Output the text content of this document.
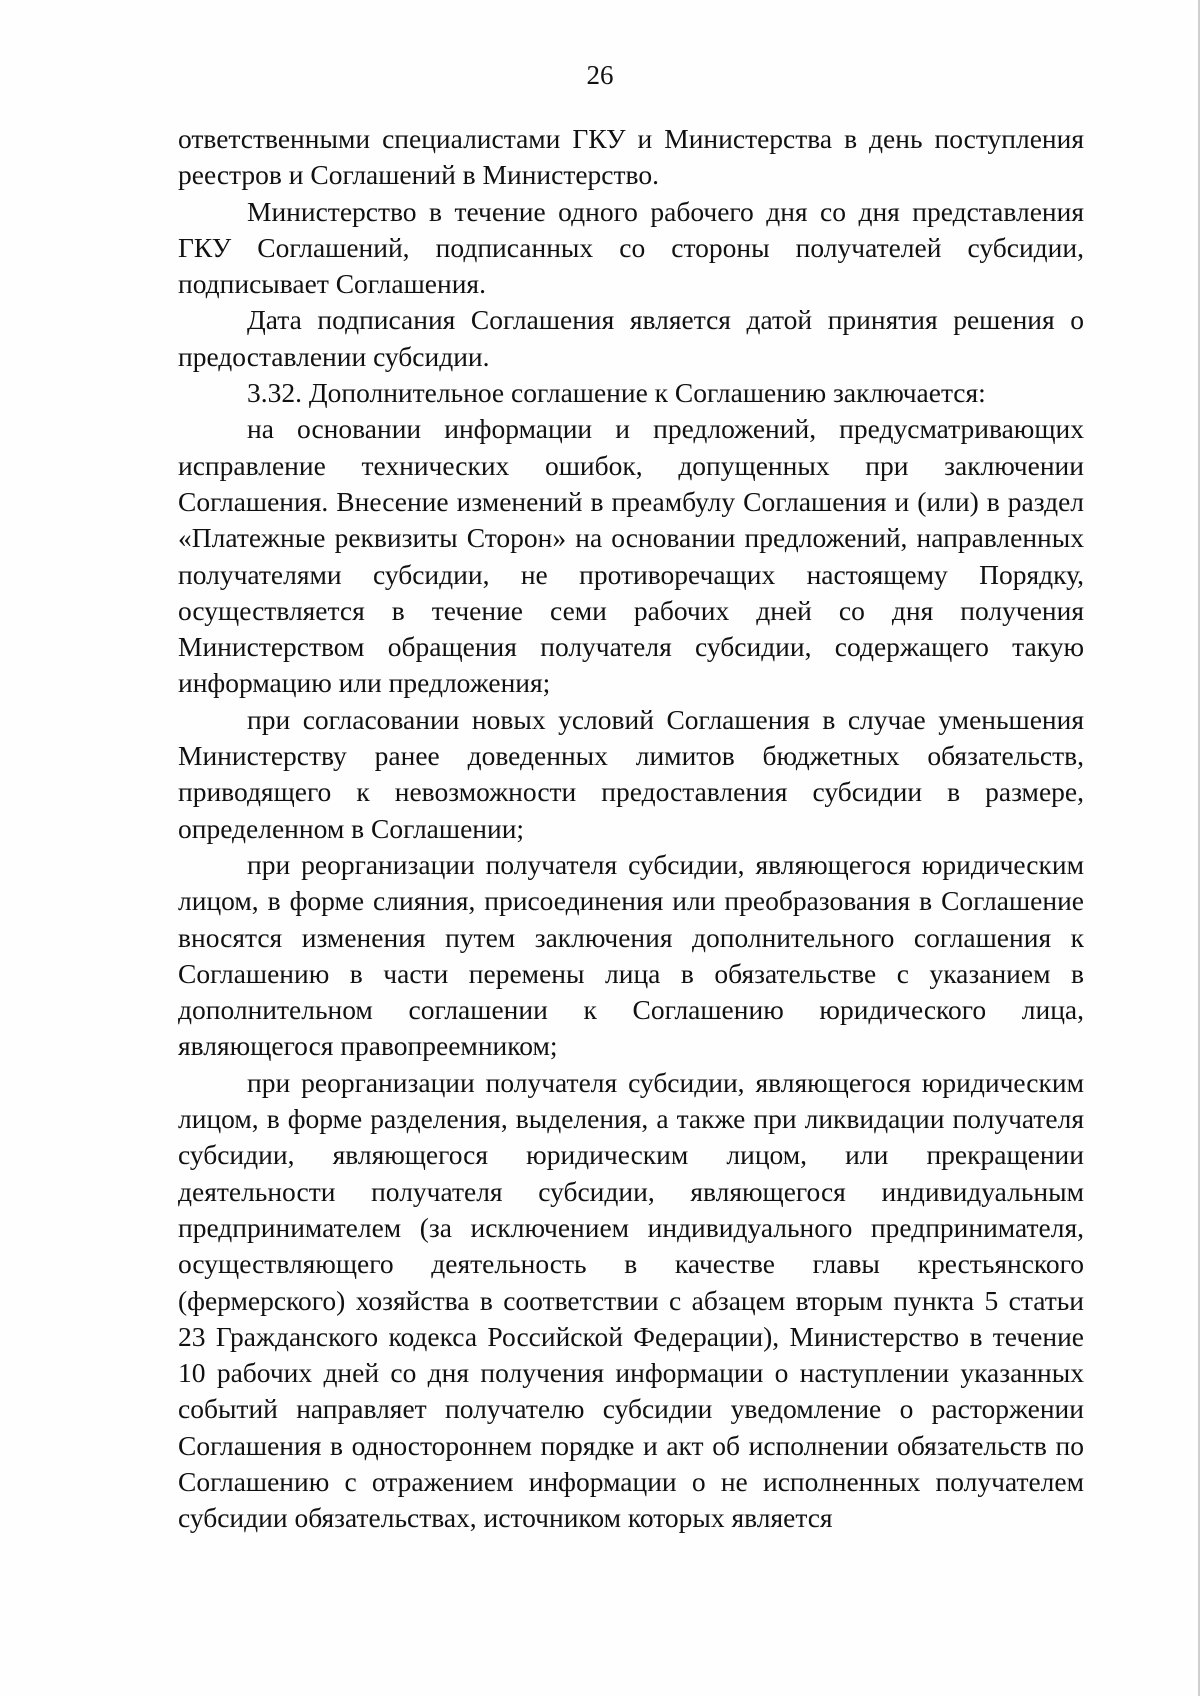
26

ответственными специалистами ГКУ и Министерства в день поступления реестров и Соглашений в Министерство.

Министерство в течение одного рабочего дня со дня представления ГКУ Соглашений, подписанных со стороны получателей субсидии, подписывает Соглашения.

Дата подписания Соглашения является датой принятия решения о предоставлении субсидии.

3.32. Дополнительное соглашение к Соглашению заключается:

на основании информации и предложений, предусматривающих исправление технических ошибок, допущенных при заключении Соглашения. Внесение изменений в преамбулу Соглашения и (или) в раздел «Платежные реквизиты Сторон» на основании предложений, направленных получателями субсидии, не противоречащих настоящему Порядку, осуществляется в течение семи рабочих дней со дня получения Министерством обращения получателя субсидии, содержащего такую информацию или предложения;

при согласовании новых условий Соглашения в случае уменьшения Министерству ранее доведенных лимитов бюджетных обязательств, приводящего к невозможности предоставления субсидии в размере, определенном в Соглашении;

при реорганизации получателя субсидии, являющегося юридическим лицом, в форме слияния, присоединения или преобразования в Соглашение вносятся изменения путем заключения дополнительного соглашения к Соглашению в части перемены лица в обязательстве с указанием в дополнительном соглашении к Соглашению юридического лица, являющегося правопреемником;

при реорганизации получателя субсидии, являющегося юридическим лицом, в форме разделения, выделения, а также при ликвидации получателя субсидии, являющегося юридическим лицом, или прекращении деятельности получателя субсидии, являющегося индивидуальным предпринимателем (за исключением индивидуального предпринимателя, осуществляющего деятельность в качестве главы крестьянского (фермерского) хозяйства в соответствии с абзацем вторым пункта 5 статьи 23 Гражданского кодекса Российской Федерации), Министерство в течение 10 рабочих дней со дня получения информации о наступлении указанных событий направляет получателю субсидии уведомление о расторжении Соглашения в одностороннем порядке и акт об исполнении обязательств по Соглашению с отражением информации о не исполненных получателем субсидии обязательствах, источником которых является
